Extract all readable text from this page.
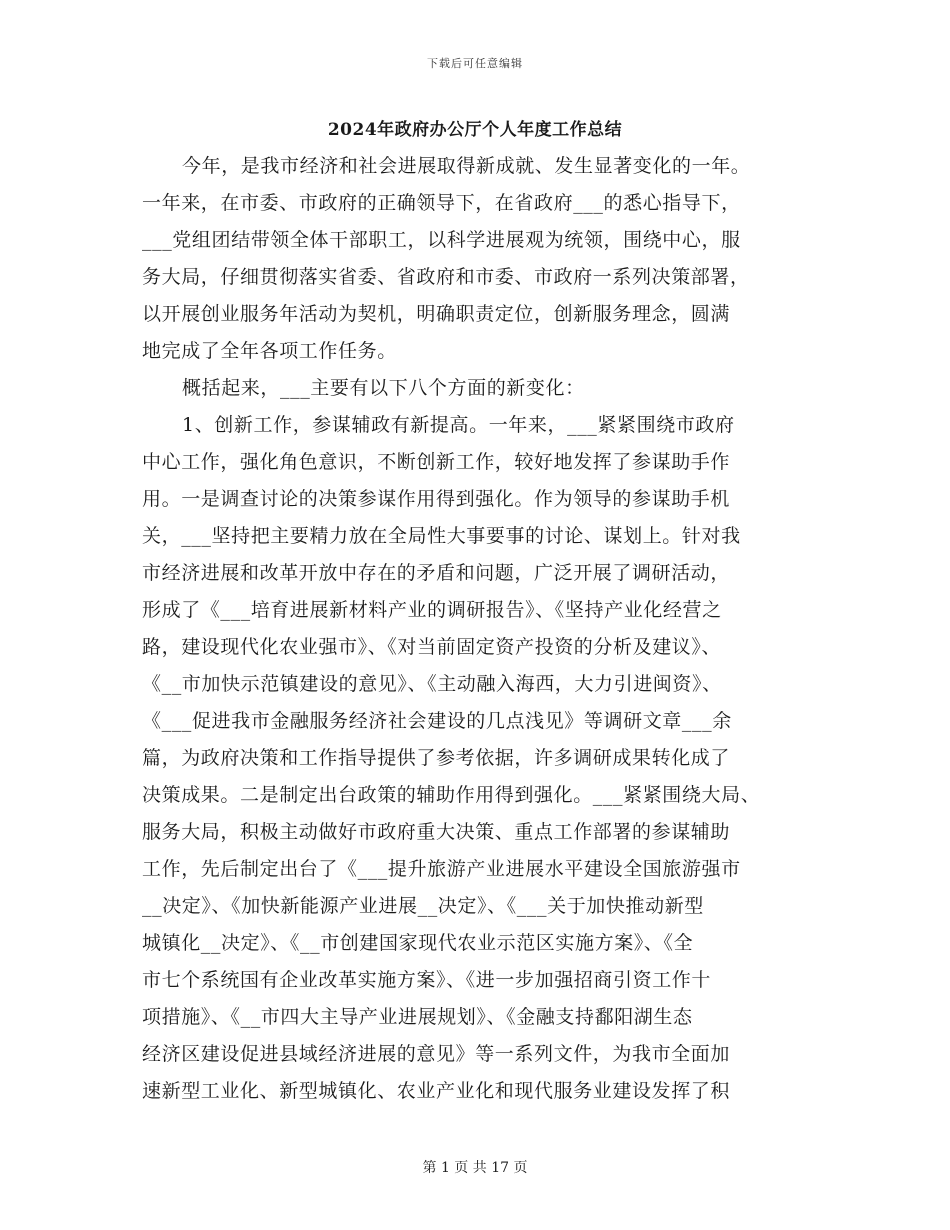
下载后可任意编辑
2024年政府办公厅个人年度工作总结
今年，是我市经济和社会进展取得新成就、发生显著变化的一年。
一年来，在市委、市政府的正确领导下，在省政府___的悉心指导下，
___党组团结带领全体干部职工，以科学进展观为统领，围绕中心，服
务大局，仔细贯彻落实省委、省政府和市委、市政府一系列决策部署，
以开展创业服务年活动为契机，明确职责定位，创新服务理念，圆满
地完成了全年各项工作任务。
概括起来，___主要有以下八个方面的新变化：
1、创新工作，参谋辅政有新提高。一年来，___紧紧围绕市政府
中心工作，强化角色意识，不断创新工作，较好地发挥了参谋助手作
用。一是调查讨论的决策参谋作用得到强化。作为领导的参谋助手机
关，___坚持把主要精力放在全局性大事要事的讨论、谋划上。针对我
市经济进展和改革开放中存在的矛盾和问题，广泛开展了调研活动，
形成了《___培育进展新材料产业的调研报告》、《坚持产业化经营之
路，建设现代化农业强市》、《对当前固定资产投资的分析及建议》、
《__市加快示范镇建设的意见》、《主动融入海西，大力引进闽资》、
《___促进我市金融服务经济社会建设的几点浅见》等调研文章___余
篇，为政府决策和工作指导提供了参考依据，许多调研成果转化成了
决策成果。二是制定出台政策的辅助作用得到强化。___紧紧围绕大局、
服务大局，积极主动做好市政府重大决策、重点工作部署的参谋辅助
工作，先后制定出台了《___提升旅游产业进展水平建设全国旅游强市
__决定》、《加快新能源产业进展__决定》、《___关于加快推动新型
城镇化__决定》、《__市创建国家现代农业示范区实施方案》、《全
市七个系统国有企业改革实施方案》、《进一步加强招商引资工作十
项措施》、《__市四大主导产业进展规划》、《金融支持鄱阳湖生态
经济区建设促进县域经济进展的意见》等一系列文件，为我市全面加
速新型工业化、新型城镇化、农业产业化和现代服务业建设发挥了积
第 1 页 共 17 页
